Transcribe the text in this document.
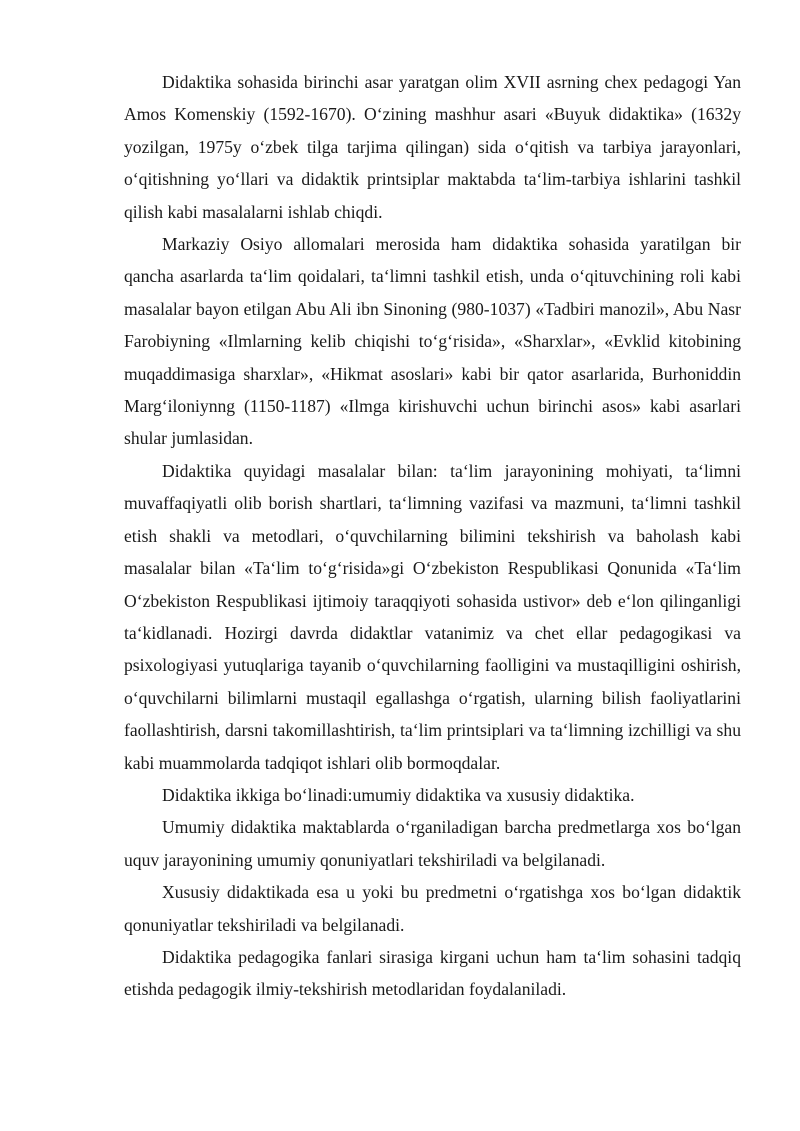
Didaktika sohasida birinchi asar yaratgan olim XVII asrning chex pedagogi Yan Amos Komenskiy (1592-1670). O‘zining mashhur asari «Buyuk didaktika» (1632y yozilgan, 1975y o‘zbek tilga tarjima qilingan) sida o‘qitish va tarbiya jarayonlari, o‘qitishning yo‘llari va didaktik printsiplar maktabda ta‘lim-tarbiya ishlarini tashkil qilish kabi masalalarni ishlab chiqdi.

Markaziy Osiyo allomalari merosida ham didaktika sohasida yaratilgan bir qancha asarlarda ta‘lim qoidalari, ta‘limni tashkil etish, unda o‘qituvchining roli kabi masalalar bayon etilgan Abu Ali ibn Sinoning (980-1037) «Tadbiri manozil», Abu Nasr Farobiyning «Ilmlarning kelib chiqishi to‘g‘risida», «Sharxlar», «Evklid kitobining muqaddimasiga sharxlar», «Hikmat asoslari» kabi bir qator asarlarida, Burhoniddin Marg‘iloniynng (1150-1187) «Ilmga kirishuvchi uchun birinchi asos» kabi asarlari shular jumlasidan.

Didaktika quyidagi masalalar bilan: ta‘lim jarayonining mohiyati, ta‘limni muvaffaqiyatli olib borish shartlari, ta‘limning vazifasi va mazmuni, ta‘limni tashkil etish shakli va metodlari, o‘quvchilarning bilimini tekshirish va baholash kabi masalalar bilan «Ta‘lim to‘g‘risida»gi O‘zbekiston Respublikasi Qonunida «Ta‘lim O‘zbekiston Respublikasi ijtimoiy taraqqiyoti sohasida ustivor» deb e‘lon qilinganligi ta‘kidlanadi. Hozirgi davrda didaktlar vatanimiz va chet ellar pedagogikasi va psixologiyasi yutuqlariga tayanib o‘quvchilarning faolligini va mustaqilligini oshirish, o‘quvchilarni bilimlarni mustaqil egallashga o‘rgatish, ularning bilish faoliyatlarini faollashtirish, darsni takomillashtirish, ta‘lim printsiplari va ta‘limning izchilligi va shu kabi muammolarda tadqiqot ishlari olib bormoqdalar.

Didaktika ikkiga bo‘linadi:umumiy didaktika va xususiy didaktika.

Umumiy didaktika maktablarda o‘rganiladigan barcha predmetlarga xos bo‘lgan uquv jarayonining umumiy qonuniyatlari tekshiriladi va belgilanadi.

Xususiy didaktikada esa u yoki bu predmetni o‘rgatishga xos bo‘lgan didaktik qonuniyatlar tekshiriladi va belgilanadi.

Didaktika pedagogika fanlari sirasiga kirgani uchun ham ta‘lim sohasini tadqiq etishda pedagogik ilmiy-tekshirish metodlaridan foydalaniladi.
